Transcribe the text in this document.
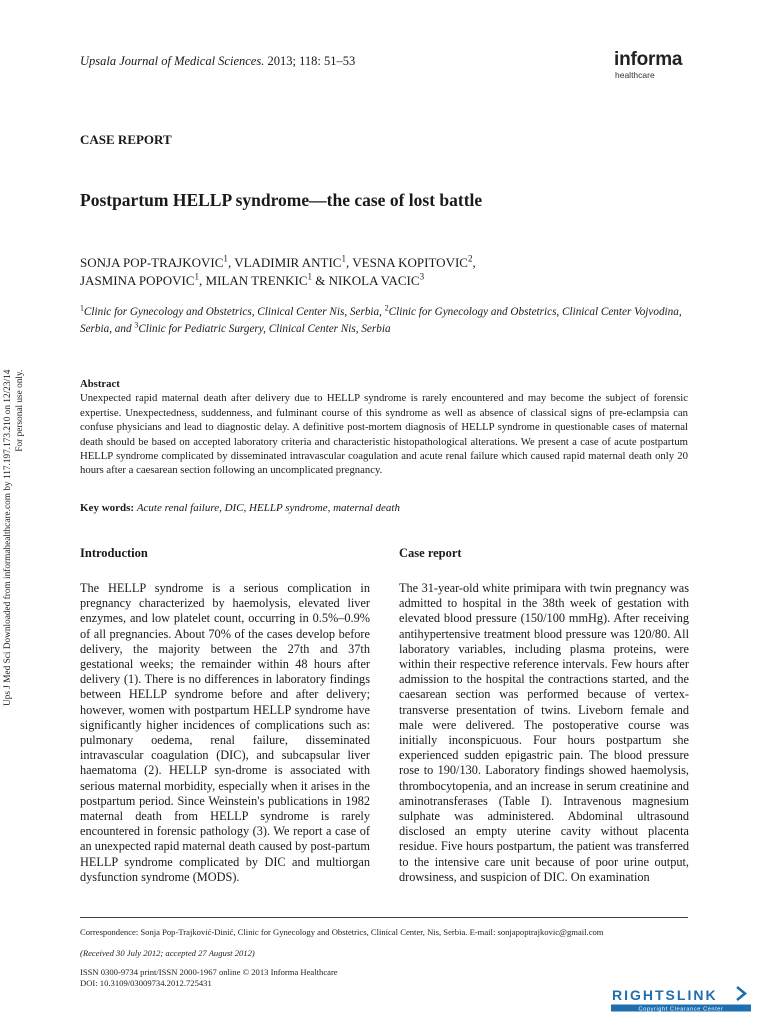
Upsala Journal of Medical Sciences. 2013; 118: 51–53	informa
healthcare
CASE REPORT
Postpartum HELLP syndrome—the case of lost battle
SONJA POP-TRAJKOVIC$^1$, VLADIMIR ANTIC$^1$, VESNA KOPITOVIC$^2$,
JASMINA POPOVIC$^1$, MILAN TRENKIC$^1$ & NIKOLA VACIC$^3$
$^1$Clinic for Gynecology and Obstetrics, Clinical Center Nis, Serbia, $^2$Clinic for Gynecology and Obstetrics, Clinical Center Vojvodina, Serbia, and $^3$Clinic for Pediatric Surgery, Clinical Center Nis, Serbia
Abstract
Unexpected rapid maternal death after delivery due to HELLP syndrome is rarely encountered and may become the subject of forensic expertise. Unexpectedness, suddenness, and fulminant course of this syndrome as well as absence of classical signs of pre-eclampsia can confuse physicians and lead to diagnostic delay. A definitive post-mortem diagnosis of HELLP syndrome in questionable cases of maternal death should be based on accepted laboratory criteria and characteristic histopathological alterations. We present a case of acute postpartum HELLP syndrome complicated by disseminated intravascular coagulation and acute renal failure which caused rapid maternal death only 20 hours after a caesarean section following an uncomplicated pregnancy.
Key words: Acute renal failure, DIC, HELLP syndrome, maternal death
Introduction

The HELLP syndrome is a serious complication in pregnancy characterized by haemolysis, elevated liver enzymes, and low platelet count, occurring in 0.5%–0.9% of all pregnancies. About 70% of the cases develop before delivery, the majority between the 27th and 37th gestational weeks; the remainder within 48 hours after delivery (1). There is no differences in laboratory findings between HELLP syndrome before and after delivery; however, women with postpartum HELLP syndrome have significantly higher incidences of complications such as: pulmonary oedema, renal failure, disseminated intravascular coagulation (DIC), and subcapsular liver haematoma (2). HELLP syn-drome is associated with serious maternal morbidity, especially when it arises in the postpartum period. Since Weinstein's publications in 1982 maternal death from HELLP syndrome is rarely encountered in forensic pathology (3). We report a case of an unexpected rapid maternal death caused by post-partum HELLP syndrome complicated by DIC and multiorgan dysfunction syndrome (MODS).

Case report

The 31-year-old white primipara with twin pregnancy was admitted to hospital in the 38th week of gestation with elevated blood pressure (150/100 mmHg). After receiving antihypertensive treatment blood pressure was 120/80. All laboratory variables, including plasma proteins, were within their respective reference intervals. Few hours after admission to the hospital the contractions started, and the caesarean section was performed because of vertex-transverse presentation of twins. Liveborn female and male were delivered. The postoperative course was initially inconspicuous. Four hours postpartum she experienced sudden epigastric pain. The blood pressure rose to 190/130. Laboratory findings showed haemolysis, thrombocytopenia, and an increase in serum creatinine and aminotransferases (Table I). Intravenous magnesium sulphate was administered. Abdominal ultrasound disclosed an empty uterine cavity without placenta residue. Five hours postpartum, the patient was transferred to the intensive care unit because of poor urine output, drowsiness, and suspicion of DIC. On examination

Correspondence: Sonja Pop-Trajković-Dinić, Clinic for Gynecology and Obstetrics, Clinical Center, Nis, Serbia. E-mail: sonjapoptrajkovic@gmail.com
(Received 30 July 2012; accepted 27 August 2012)
ISSN 0300-9734 print/ISSN 2000-1967 online © 2013 Informa Healthcare
DOI: 10.3109/03009734.2012.725431
Ups J Med Sci Downloaded from informahealthcare.com by 117.197.173.210 on 12/23/14 For personal use only.
RIGHTSLINK
Copyright Clearance Center
